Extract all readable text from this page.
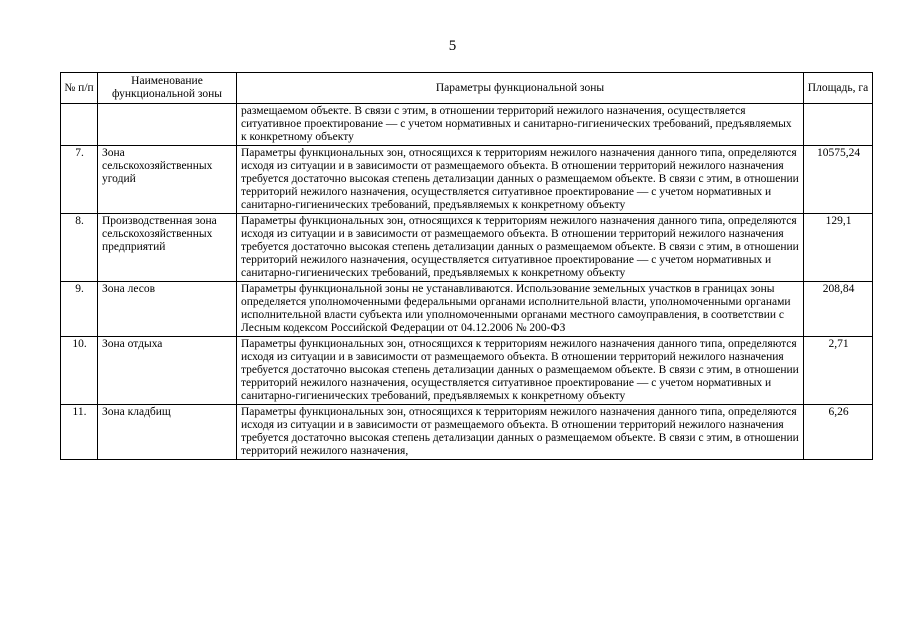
5
№ п/п	Наименование функциональной зоны	Параметры функциональной зоны	Площадь, га
		размещаемом объекте. В связи с этим, в отношении территорий нежилого назначения, осуществляется ситуативное проектирование — с учетом нормативных и санитарно-гигиенических требований, предъявляемых к конкретному объекту	
7.	Зона сельскохозяйственных угодий	Параметры функциональных зон, относящихся к территориям нежилого назначения данного типа, определяются исходя из ситуации и в зависимости от размещаемого объекта. В отношении территорий нежилого назначения требуется достаточно высокая степень детализации данных о размещаемом объекте. В связи с этим, в отношении территорий нежилого назначения, осуществляется ситуативное проектирование — с учетом нормативных и санитарно-гигиенических требований, предъявляемых к конкретному объекту	10575,24
8.	Производственная зона сельскохозяйственных предприятий	Параметры функциональных зон, относящихся к территориям нежилого назначения данного типа, определяются исходя из ситуации и в зависимости от размещаемого объекта. В отношении территорий нежилого назначения требуется достаточно высокая степень детализации данных о размещаемом объекте. В связи с этим, в отношении территорий нежилого назначения, осуществляется ситуативное проектирование — с учетом нормативных и санитарно-гигиенических требований, предъявляемых к конкретному объекту	129,1
9.	Зона лесов	Параметры функциональной зоны не устанавливаются. Использование земельных участков в границах зоны определяется уполномоченными федеральными органами исполнительной власти, уполномоченными органами исполнительной власти субъекта или уполномоченными органами местного самоуправления, в соответствии с Лесным кодексом Российской Федерации от 04.12.2006 № 200-ФЗ	208,84
10.	Зона отдыха	Параметры функциональных зон, относящихся к территориям нежилого назначения данного типа, определяются исходя из ситуации и в зависимости от размещаемого объекта. В отношении территорий нежилого назначения требуется достаточно высокая степень детализации данных о размещаемом объекте. В связи с этим, в отношении территорий нежилого назначения, осуществляется ситуативное проектирование — с учетом нормативных и санитарно-гигиенических требований, предъявляемых к конкретному объекту	2,71
11.	Зона кладбищ	Параметры функциональных зон, относящихся к территориям нежилого назначения данного типа, определяются исходя из ситуации и в зависимости от размещаемого объекта. В отношении территорий нежилого назначения требуется достаточно высокая степень детализации данных о размещаемом объекте. В связи с этим, в отношении территорий нежилого назначения,	6,26
